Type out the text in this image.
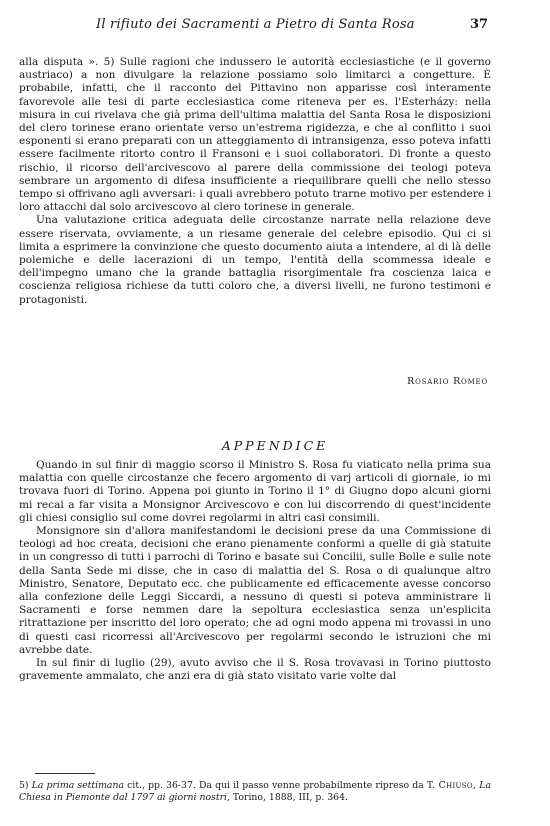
Il rifiuto dei Sacramenti a Pietro di Santa Rosa	37

alla disputa ». 5) Sulle ragioni che indussero le autorità ecclesiastiche (e il governo austriaco) a non divulgare la relazione possiamo solo limitarci a congetture. È probabile, infatti, che il racconto del Pittavino non apparisse così interamente favorevole alle tesi di parte ecclesiastica come riteneva per es. l'Esterházy: nella misura in cui rivelava che già prima dell'ultima malattia del Santa Rosa le disposizioni del clero torinese erano orientate verso un'estrema rigidezza, e che al conflitto i suoi esponenti si erano preparati con un atteggiamento di intransigenza, esso poteva infatti essere facilmente ritorto contro il Fransoni e i suoi collaboratori. Di fronte a questo rischio, il ricorso dell'arcivescovo al parere della commissione dei teologi poteva sembrare un argomento di difesa insufficiente a riequilibrare quelli che nello stesso tempo si offrivano agli avversari: i quali avrebbero potuto trarne motivo per estendere i loro attacchi dal solo arcivescovo al clero torinese in generale.

Una valutazione critica adeguata delle circostanze narrate nella relazione deve essere riservata, ovviamente, a un riesame generale del celebre episodio. Qui ci si limita a esprimere la convinzione che questo documento aiuta a intendere, al di là delle polemiche e delle lacerazioni di un tempo, l'entità della scommessa ideale e dell'impegno umano che la grande battaglia risorgimentale fra coscienza laica e coscienza religiosa richiese da tutti coloro che, a diversi livelli, ne furono testimoni e protagonisti.

Rosario Romeo
APPENDICE

Quando in sul finir di maggio scorso il Ministro S. Rosa fu viaticato nella prima sua malattia con quelle circostanze che fecero argomento di varj articoli di giornale, io mi trovava fuori di Torino. Appena poi giunto in Torino il 1° di Giugno dopo alcuni giorni mi recai a far visita a Monsignor Arcivescovo e con lui discorrendo di quest'incidente gli chiesi consiglio sul come dovrei regolarmi in altri casi consimili.

Monsignore sin d'allora manifestandomi le decisioni prese da una Commissione di teologi ad hoc creata, decisioni che erano pienamente conformi a quelle di già statuite in un congresso di tutti i parrochi di Torino e basate sui Concilii, sulle Bolle e sulle note della Santa Sede mi disse, che in caso di malattia del S. Rosa o di qualunque altro Ministro, Senatore, Deputato ecc. che publicamente ed efficacemente avesse concorso alla confezione delle Leggi Siccardi, a nessuno di questi si poteva amministrare li Sacramenti e forse nemmen dare la sepoltura ecclesiastica senza un'esplicita ritrattazione per inscritto del loro operato; che ad ogni modo appena mi trovassi in uno di questi casi ricorressi all'Arcivescovo per regolarmi secondo le istruzioni che mi avrebbe date.

In sul finir di luglio (29), avuto avviso che il S. Rosa trovavasi in Torino piuttosto gravemente ammalato, che anzi era di già stato visitato varie volte dal

5) La prima settimana cit., pp. 36-37. Da qui il passo venne probabilmente ripreso da T. Chiuso, La Chiesa in Piemonte dal 1797 ai giorni nostri, Torino, 1888, III, p. 364.
